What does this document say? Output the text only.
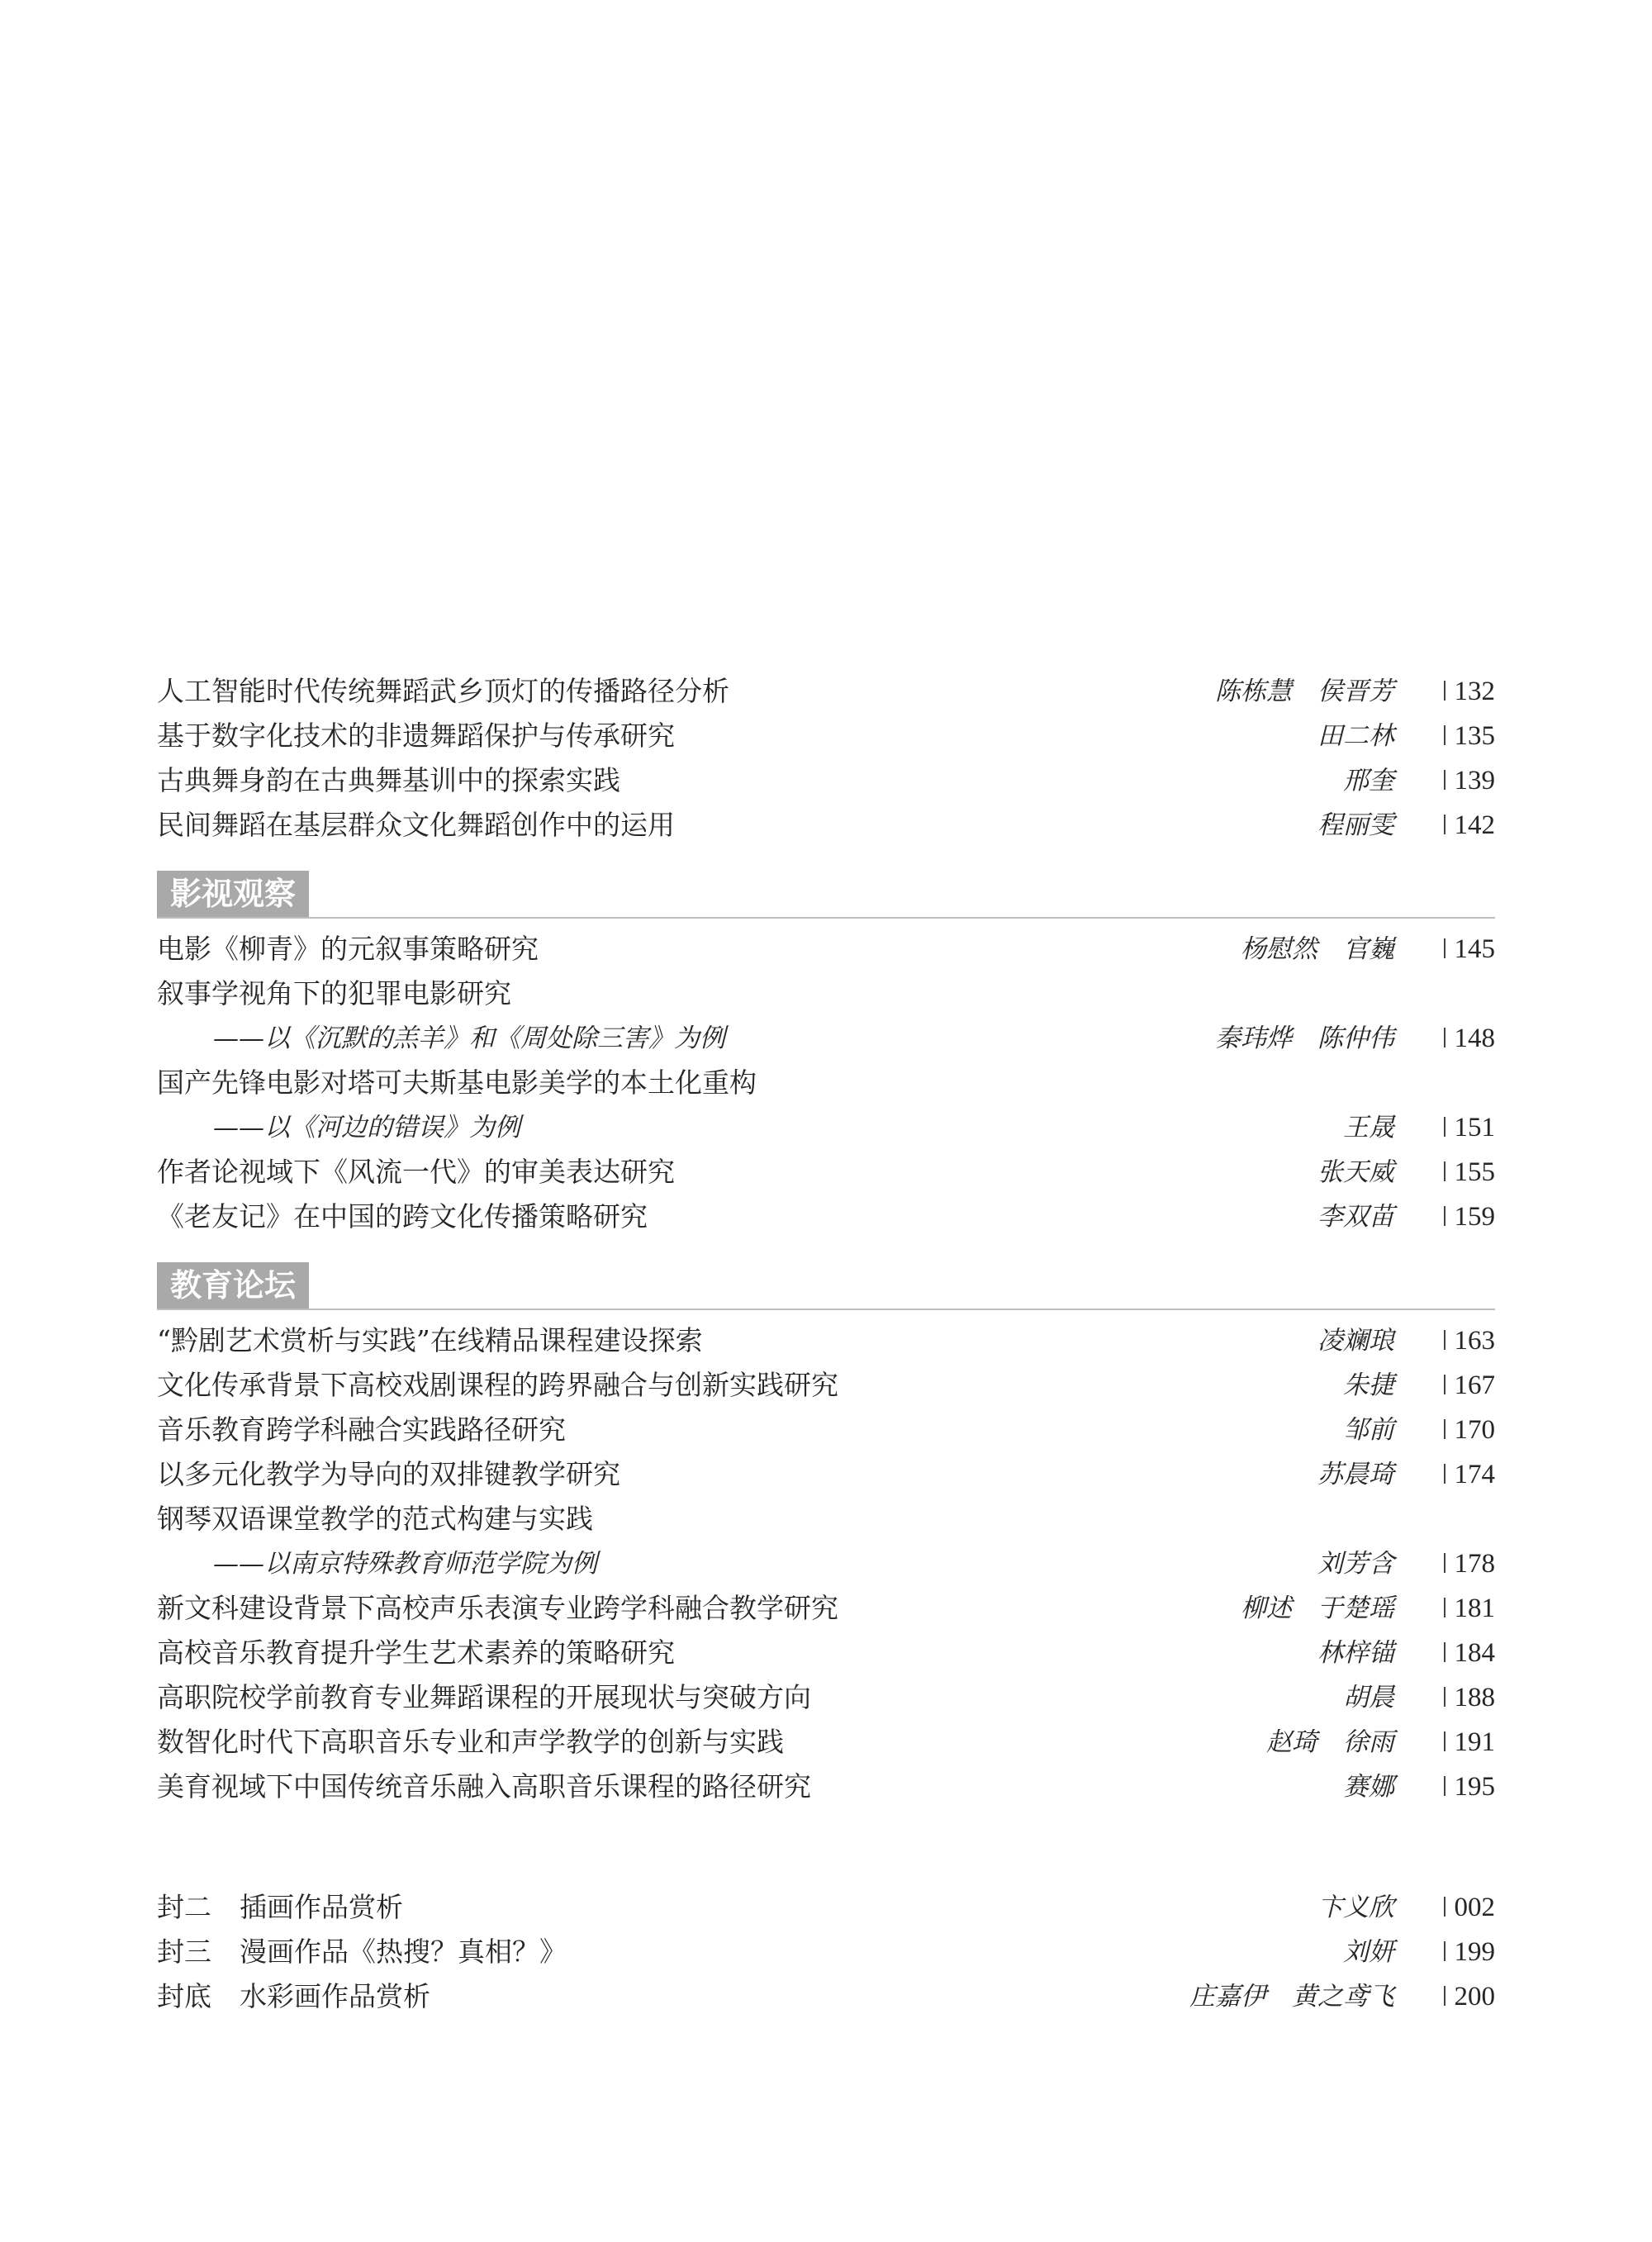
人工智能时代传统舞蹈武乡顶灯的传播路径分析	陈栋慧　侯晋芳 132
基于数字化技术的非遗舞蹈保护与传承研究	田二林 135
古典舞身韵在古典舞基训中的探索实践	邢奎 139
民间舞蹈在基层群众文化舞蹈创作中的运用	程丽雯 142
影视观察
电影《柳青》的元叙事策略研究	杨慰然　官巍 145
叙事学视角下的犯罪电影研究
——以《沉默的羔羊》和《周处除三害》为例	秦玮烨　陈仲伟 148
国产先锋电影对塔可夫斯基电影美学的本土化重构
——以《河边的错误》为例	王晟 151
作者论视域下《风流一代》的审美表达研究	张天威 155
《老友记》在中国的跨文化传播策略研究	李双苗 159
教育论坛
“黔剧艺术赏析与实践”在线精品课程建设探索	凌斓琅 163
文化传承背景下高校戏剧课程的跨界融合与创新实践研究	朱捷 167
音乐教育跨学科融合实践路径研究	邹前 170
以多元化教学为导向的双排键教学研究	苏晨琦 174
钢琴双语课堂教学的范式构建与实践
——以南京特殊教育师范学院为例	刘芳含 178
新文科建设背景下高校声乐表演专业跨学科融合教学研究	柳述　于楚瑶 181
高校音乐教育提升学生艺术素养的策略研究	林梓锚 184
高职院校学前教育专业舞蹈课程的开展现状与突破方向	胡晨 188
数智化时代下高职音乐专业和声学教学的创新与实践	赵琦　徐雨 191
美育视域下中国传统音乐融入高职音乐课程的路径研究	赛娜 195
封二 插画作品赏析	卞义欣 002
封三 漫画作品《热搜？真相？》	刘妍 199
封底 水彩画作品赏析	庄嘉伊　黄之鸢飞 200
